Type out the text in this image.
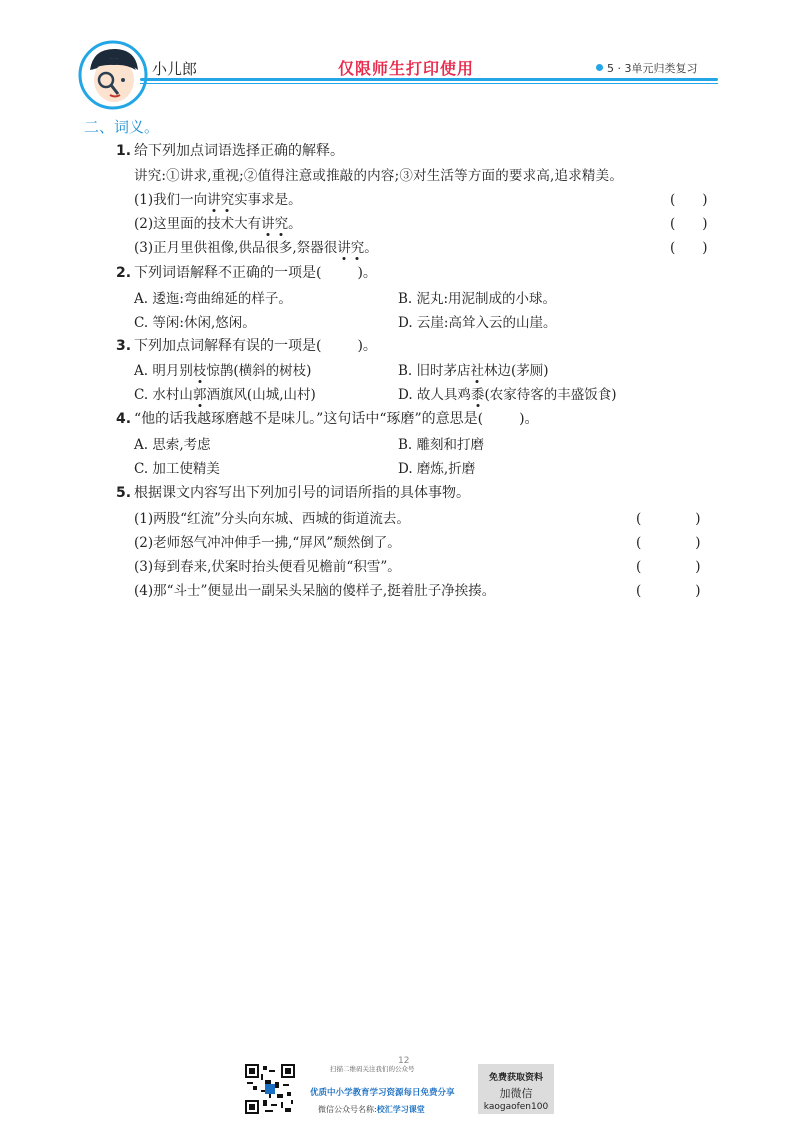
小儿郎	仅限师生打印使用	5 · 3单元归类复习
二、词义。
1. 给下列加点词语选择正确的解释。
讲究:①讲求,重视;②值得注意或推敲的内容;③对生活等方面的要求高,追求精美。
(1)我们一向讲究实事求是。	(　　)
(2)这里面的技术大有讲究。	(　　)
(3)正月里供祖像,供品很多,祭器很讲究。	(　　)
2. 下列词语解释不正确的一项是(	)。
A. 逶迤:弯曲绵延的样子。	B. 泥丸:用泥制成的小球。
C. 等闲:休闲,悠闲。	D. 云崖:高耸入云的山崖。
3. 下列加点词解释有误的一项是(	)。
A. 明月别枝惊鹊(横斜的树枝)	B. 旧时茅店社林边(茅厕)
C. 水村山郭酒旗风(山城,山村)	D. 故人具鸡黍(农家待客的丰盛饭食)
4. “他的话我越琢磨越不是味儿。”这句话中“琢磨”的意思是(	)。
A. 思索,考虑	B. 雕刻和打磨
C. 加工使精美	D. 磨炼,折磨
5. 根据课文内容写出下列加引号的词语所指的具体事物。
(1)两股“红流”分头向东城、西城的街道流去。	(　　　　)
(2)老师怒气冲冲伸手一拂,“屏风”颓然倒了。	(　　　　)
(3)每到春来,伏案时抬头便看见檐前“积雪”。	(　　　　)
(4)那“斗士”便显出一副呆头呆脑的傻样子,挺着肚子净挨揍。	(　　　　)
12
扫描二维码关注我们的公众号
优质中小学教育学习资源每日免费分享
微信公众号名称:校汇学习课堂
免费获取资料
加微信
kaogaofen100
